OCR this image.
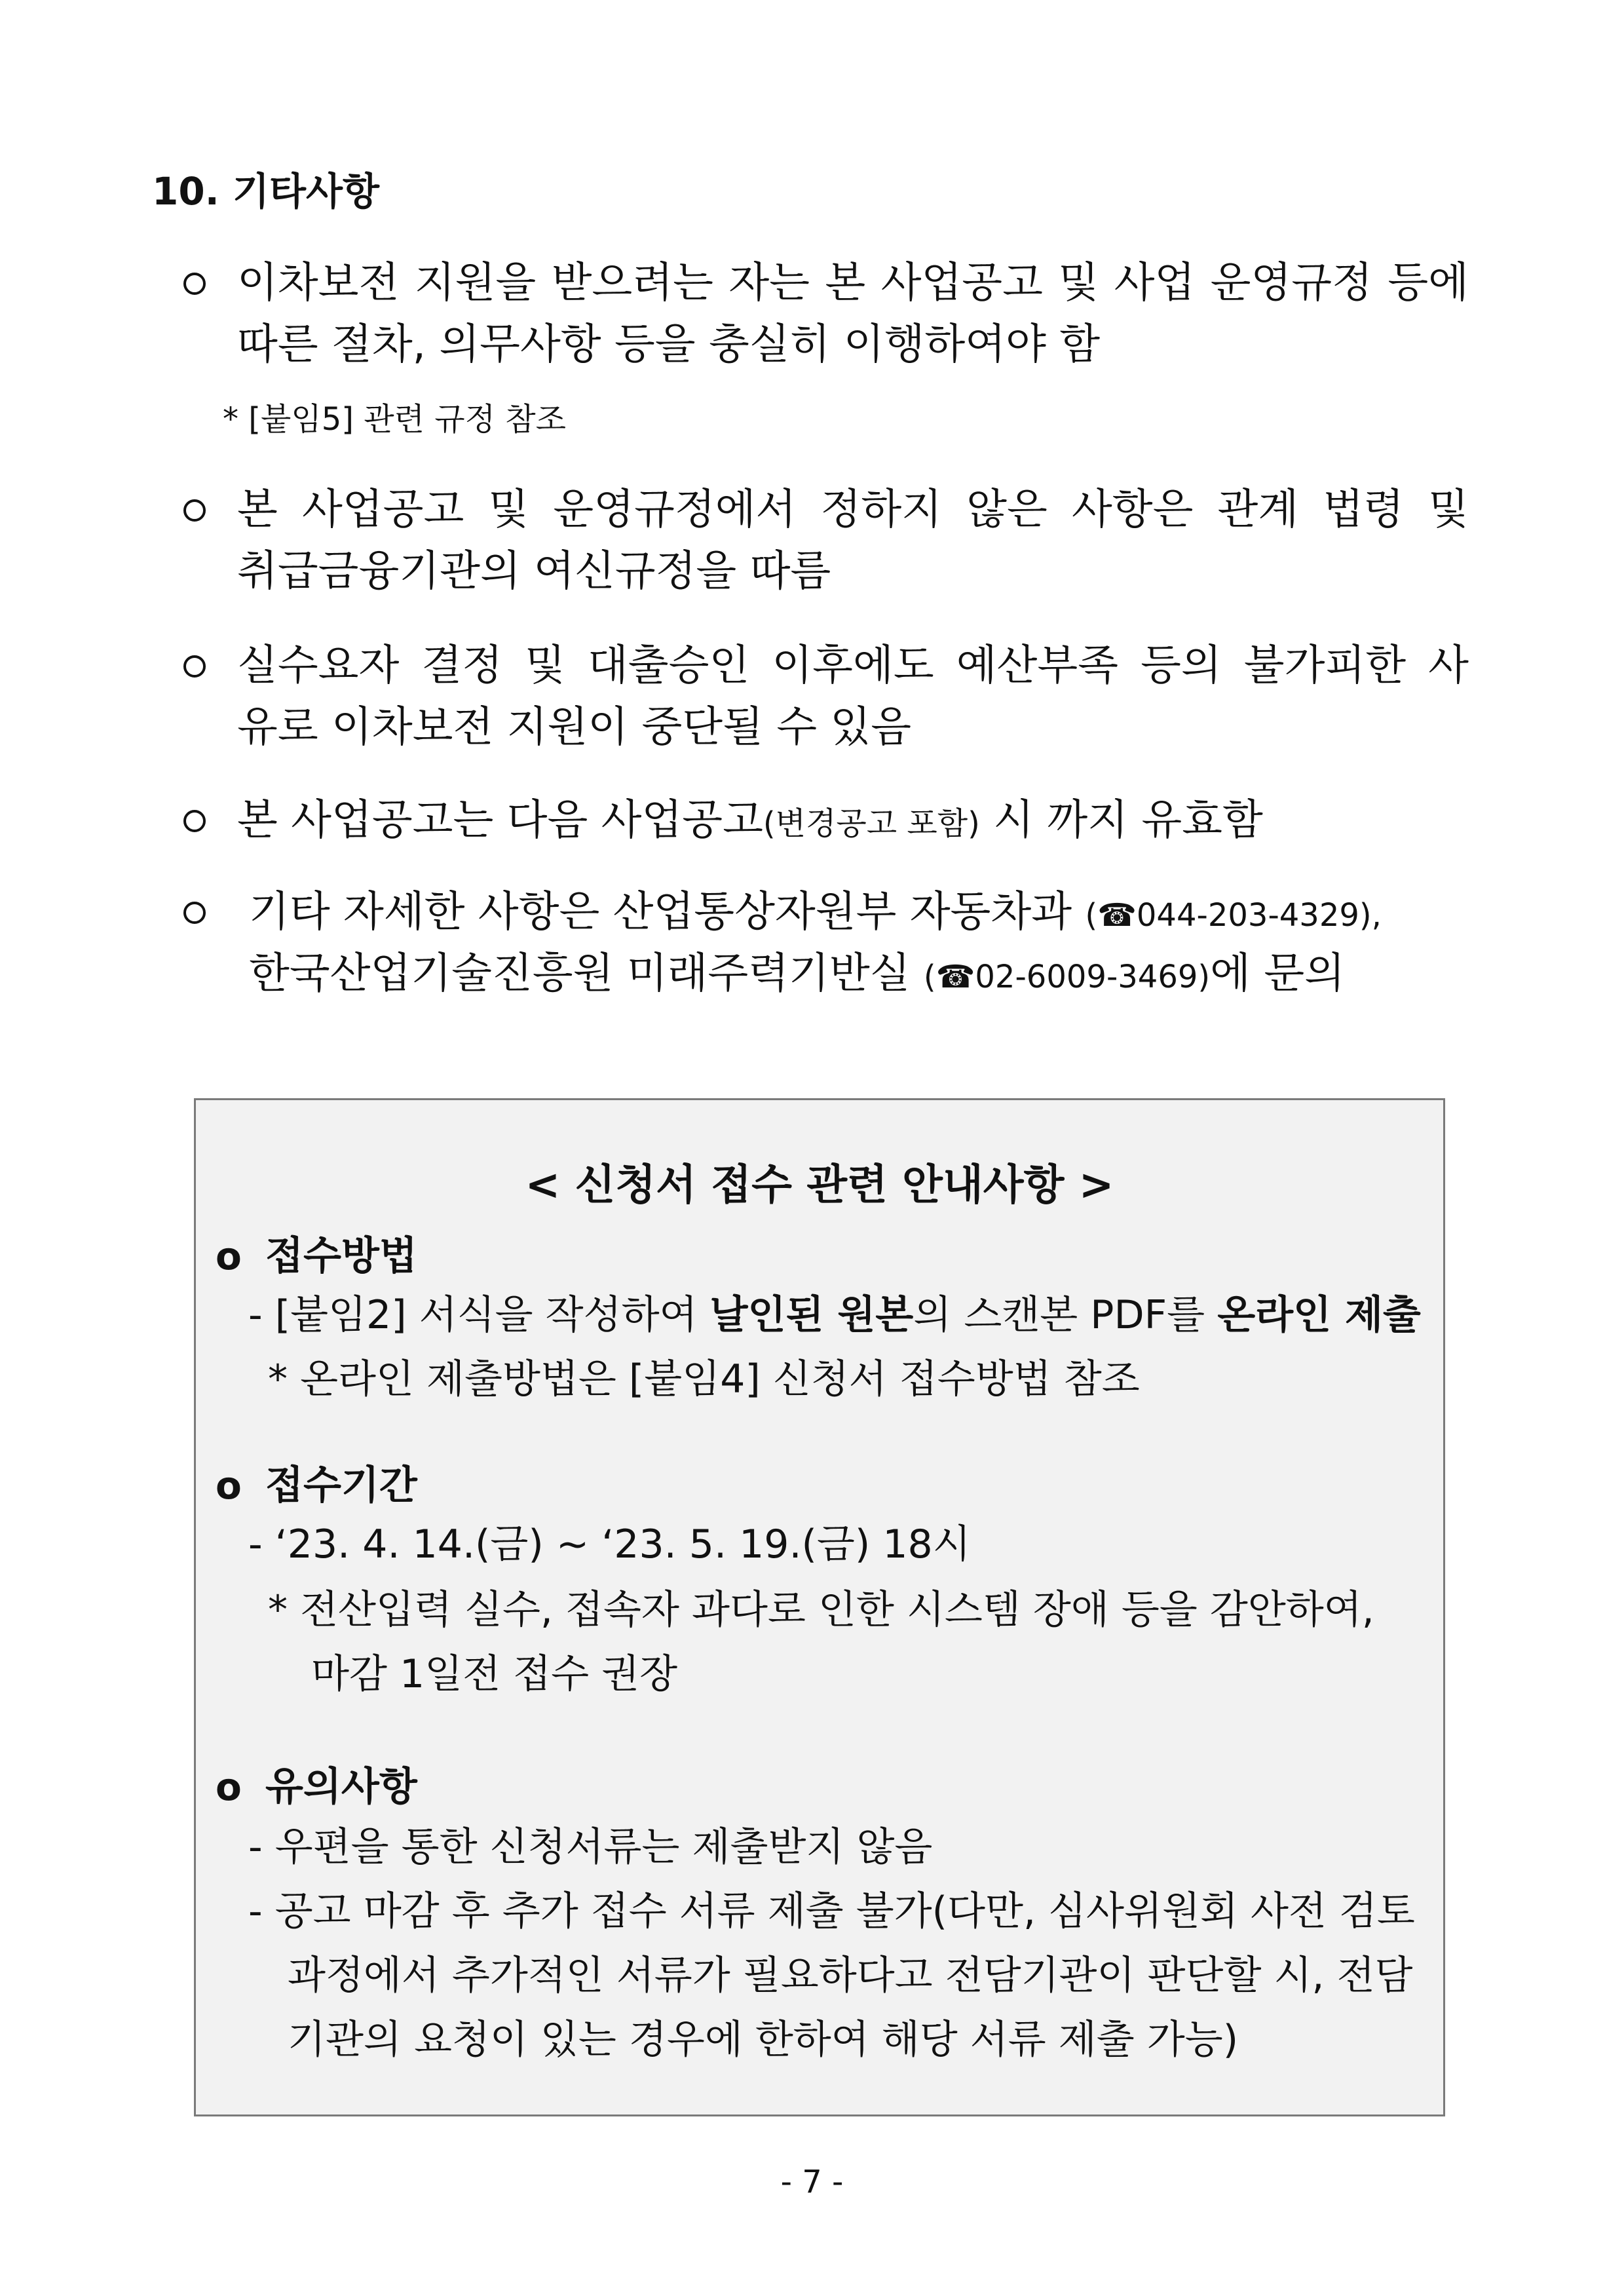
10. 기타사항
이차보전 지원을 받으려는 자는 본 사업공고 및 사업 운영규정 등에
따른 절차, 의무사항 등을 충실히 이행하여야 함
* [붙임5] 관련 규정 참조
본 사업공고 및 운영규정에서 정하지 않은 사항은 관계 법령 및
취급금융기관의 여신규정을 따름
실수요자 결정 및 대출승인 이후에도 예산부족 등의 불가피한 사
유로 이차보전 지원이 중단될 수 있음
본 사업공고는 다음 사업공고(변경공고 포함) 시 까지 유효함
기타 자세한 사항은 산업통상자원부 자동차과 (☎044-203-4329),
한국산업기술진흥원 미래주력기반실 (☎02-6009-3469)에 문의
< 신청서 접수 관련 안내사항 >
o 접수방법
- [붙임2] 서식을 작성하여 날인된 원본의 스캔본 PDF를 온라인 제출
* 온라인 제출방법은 [붙임4] 신청서 접수방법 참조
o 접수기간
- ‘23. 4. 14.(금) ~ ‘23. 5. 19.(금) 18시
* 전산입력 실수, 접속자 과다로 인한 시스템 장애 등을 감안하여,
마감 1일전 접수 권장
o 유의사항
- 우편을 통한 신청서류는 제출받지 않음
- 공고 마감 후 추가 접수 서류 제출 불가(다만, 심사위원회 사전 검토
과정에서 추가적인 서류가 필요하다고 전담기관이 판단할 시, 전담
기관의 요청이 있는 경우에 한하여 해당 서류 제출 가능)
- 7 -
